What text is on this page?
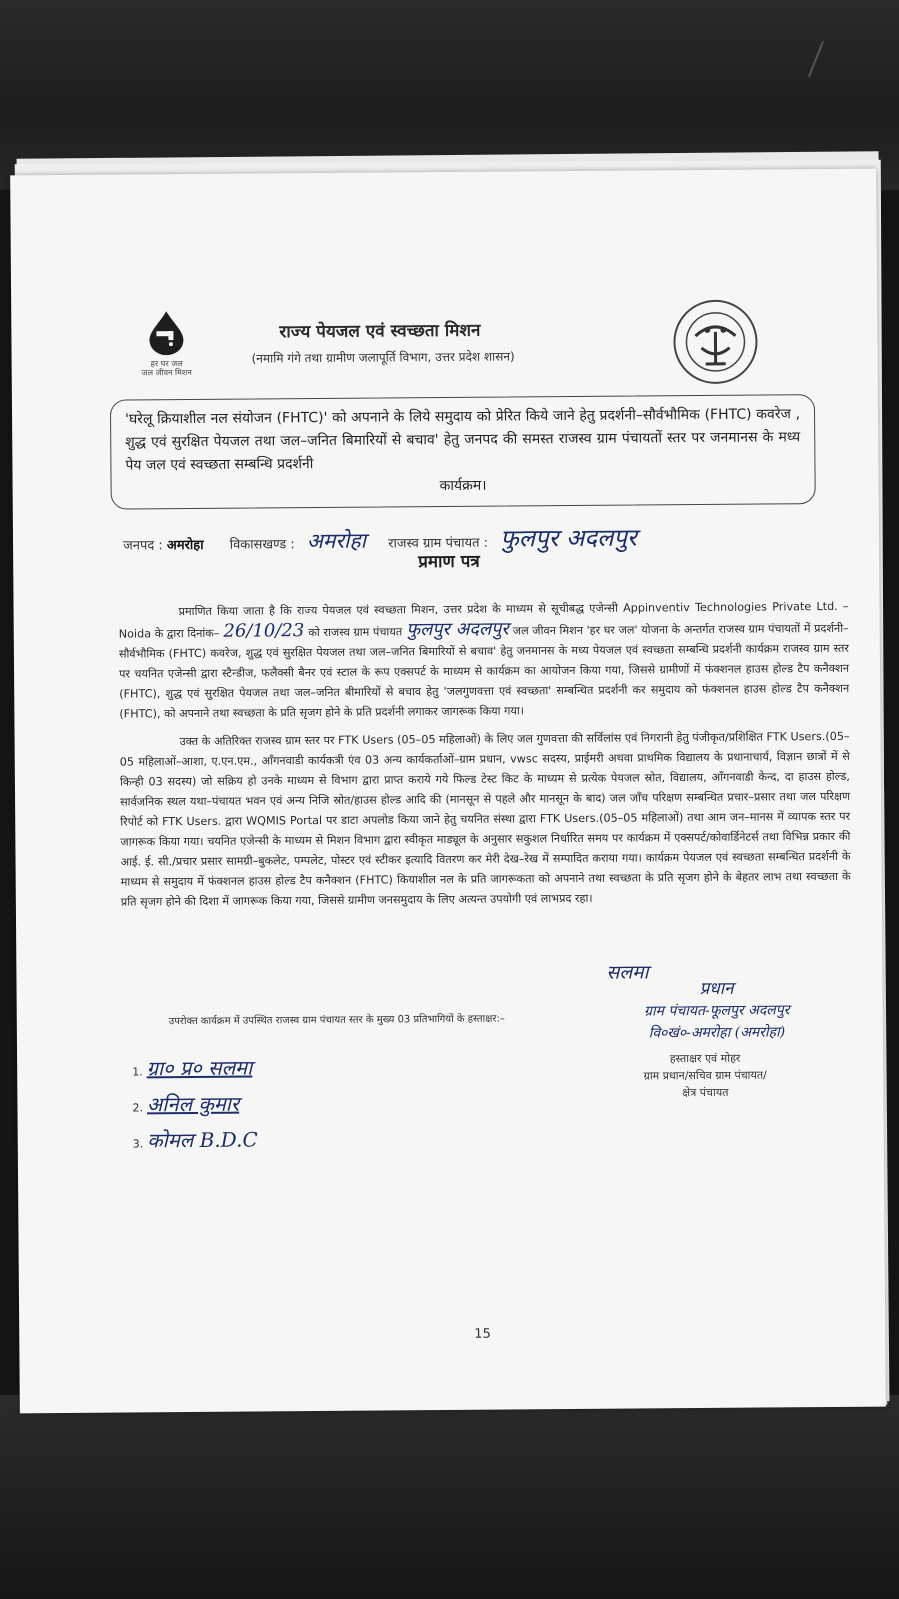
हर घर जल
जल जीवन मिशन
राज्य पेयजल एवं स्वच्छता मिशन
(नमामि गंगे तथा ग्रामीण जलापूर्ति विभाग, उत्तर प्रदेश शासन)
'घरेलू क्रियाशील नल संयोजन (FHTC)' को अपनाने के लिये समुदाय को प्रेरित किये जाने हेतु प्रदर्शनी–सौर्वभौमिक (FHTC) कवरेज , शुद्ध एवं सुरक्षित पेयजल तथा जल–जनित बिमारियों से बचाव' हेतु जनपद की समस्त राजस्व ग्राम पंचायतों स्तर पर जनमानस के मध्य पेय जल एवं स्वच्छता सम्बन्धि प्रदर्शनी
कार्यक्रम।
जनपद : अमरोहा विकासखण्ड : अमरोहा राजस्व ग्राम पंचायत : फुलपुर अदलपुर
प्रमाण पत्र
प्रमाणित किया जाता है कि राज्य पेयजल एवं स्वच्छता मिशन, उत्तर प्रदेश के माध्यम से सूचीबद्ध एजेन्सी Appinventiv Technologies Private Ltd. – Noida के द्वारा दिनांक– 26/10/23 को राजस्व ग्राम पंचायत फुलपुर अदलपुर जल जीवन मिशन 'हर घर जल' योजना के अन्तर्गत राजस्व ग्राम पंचायतों में प्रदर्शनी–सौर्वभौमिक (FHTC) कवरेज, शुद्ध एवं सुरक्षित पेयजल तथा जल–जनित बिमारियों से बचाव' हेतु जनमानस के मध्य पेयजल एवं स्वच्छता सम्बन्धि प्रदर्शनी कार्यक्रम राजस्व ग्राम स्तर पर चयनित एजेन्सी द्वारा स्टैन्डीज, फलैक्सी बैनर एवं स्टाल के रूप एक्सपर्ट के माध्यम से कार्यक्रम का आयोजन किया गया, जिससे ग्रामीणों में फंक्शनल हाउस होल्ड टैप कनैक्शन (FHTC), शुद्ध एवं सुरक्षित पेयजल तथा जल–जनित बीमारियों से बचाव हेतु 'जलगुणवत्ता एवं स्वच्छता' सम्बन्धित प्रदर्शनी कर समुदाय को फंक्शनल हाउस होल्ड टैप कनैक्शन (FHTC), को अपनाने तथा स्वच्छता के प्रति सृजग होने के प्रति प्रदर्शनी लगाकर जागरूक किया गया।
उक्त के अतिरिक्त राजस्व ग्राम स्तर पर FTK Users (05–05 महिलाओं) के लिए जल गुणवत्ता की सर्विलांस एवं निगरानी हेतु पंजीकृत/प्रशिक्षित FTK Users.(05–05 महिलाओं–आशा, ए.एन.एम., आँगनवाडी कार्यकत्री एंव 03 अन्य कार्यकर्ताओं–ग्राम प्रधान, vwsc सदस्य, प्राईमरी अथवा प्राथमिक विद्यालय के प्रधानाचार्य, विज्ञान छात्रों में से किन्ही 03 सदस्य) जो सक्रिय हो उनके माध्यम से विभाग द्वारा प्राप्त कराये गये फिल्ड टेस्ट किट के माध्यम से प्रत्येक पेयजल स्रोत, विद्यालय, आँगनवाडी केन्द, दा हाउस होल्ड, सार्वजनिक स्थल यथा–पंचायत भवन एवं अन्य निजि स्रोत/हाउस होल्ड आदि की (मानसून से पहले और मानसून के बाद) जल जाँच परिक्षण सम्बन्धित प्रचार–प्रसार तथा जल परिक्षण रिपोर्ट को FTK Users. द्वारा WQMIS Portal पर डाटा अपलोड किया जाने हेतु चयनित संस्था द्वारा FTK Users.(05–05 महिलाओं) तथा आम जन–मानस में व्यापक स्तर पर जागरूक किया गया। चयनित एजेन्सी के माध्यम से मिशन विभाग द्वारा स्वीकृत माड्यूल के अनुसार सकुशल निर्धारित समय पर कार्यक्रम में एक्सपर्ट/कोवार्डिनेटर्स तथा विभिन्न प्रकार की आई. ई. सी./प्रचार प्रसार सामग्री–बुकलेट, पम्पलेट, पोस्टर एवं स्टीकर इत्यादि वितरण कर मेरी देख–रेख में सम्पादित कराया गया। कार्यक्रम पेयजल एवं स्वच्छता सम्बन्धित प्रदर्शनी के माध्यम से समुदाय में फंक्शनल हाउस होल्ड टैप कनैक्शन (FHTC) कियाशील नल के प्रति जागरूकता को अपनाने तथा स्वच्छता के प्रति सृजग होने के बेहतर लाभ तथा स्वच्छता के प्रति सृजग होने की दिशा में जागरूक किया गया, जिससे ग्रामीण जनसमुदाय के लिए अत्यन्त उपयोगी एवं लाभप्रद रहा।
सलमा
प्रधान
ग्राम पंचायत-फूलपुर अदलपुर
वि०खं०-अमरोहा (अमरोहा)
हस्ताक्षर एवं मोहर
ग्राम प्रधान/सचिव ग्राम पंचायत/
क्षेत्र पंचायत
उपरोक्त कार्यक्रम में उपस्थित राजस्व ग्राम पंचायत स्तर के मुख्य 03 प्रतिभागियों के हस्ताक्षर:–
1. ग्रा० प्र० सलमा
2. अनिल कुमार
3. कोमल B.D.C
15
